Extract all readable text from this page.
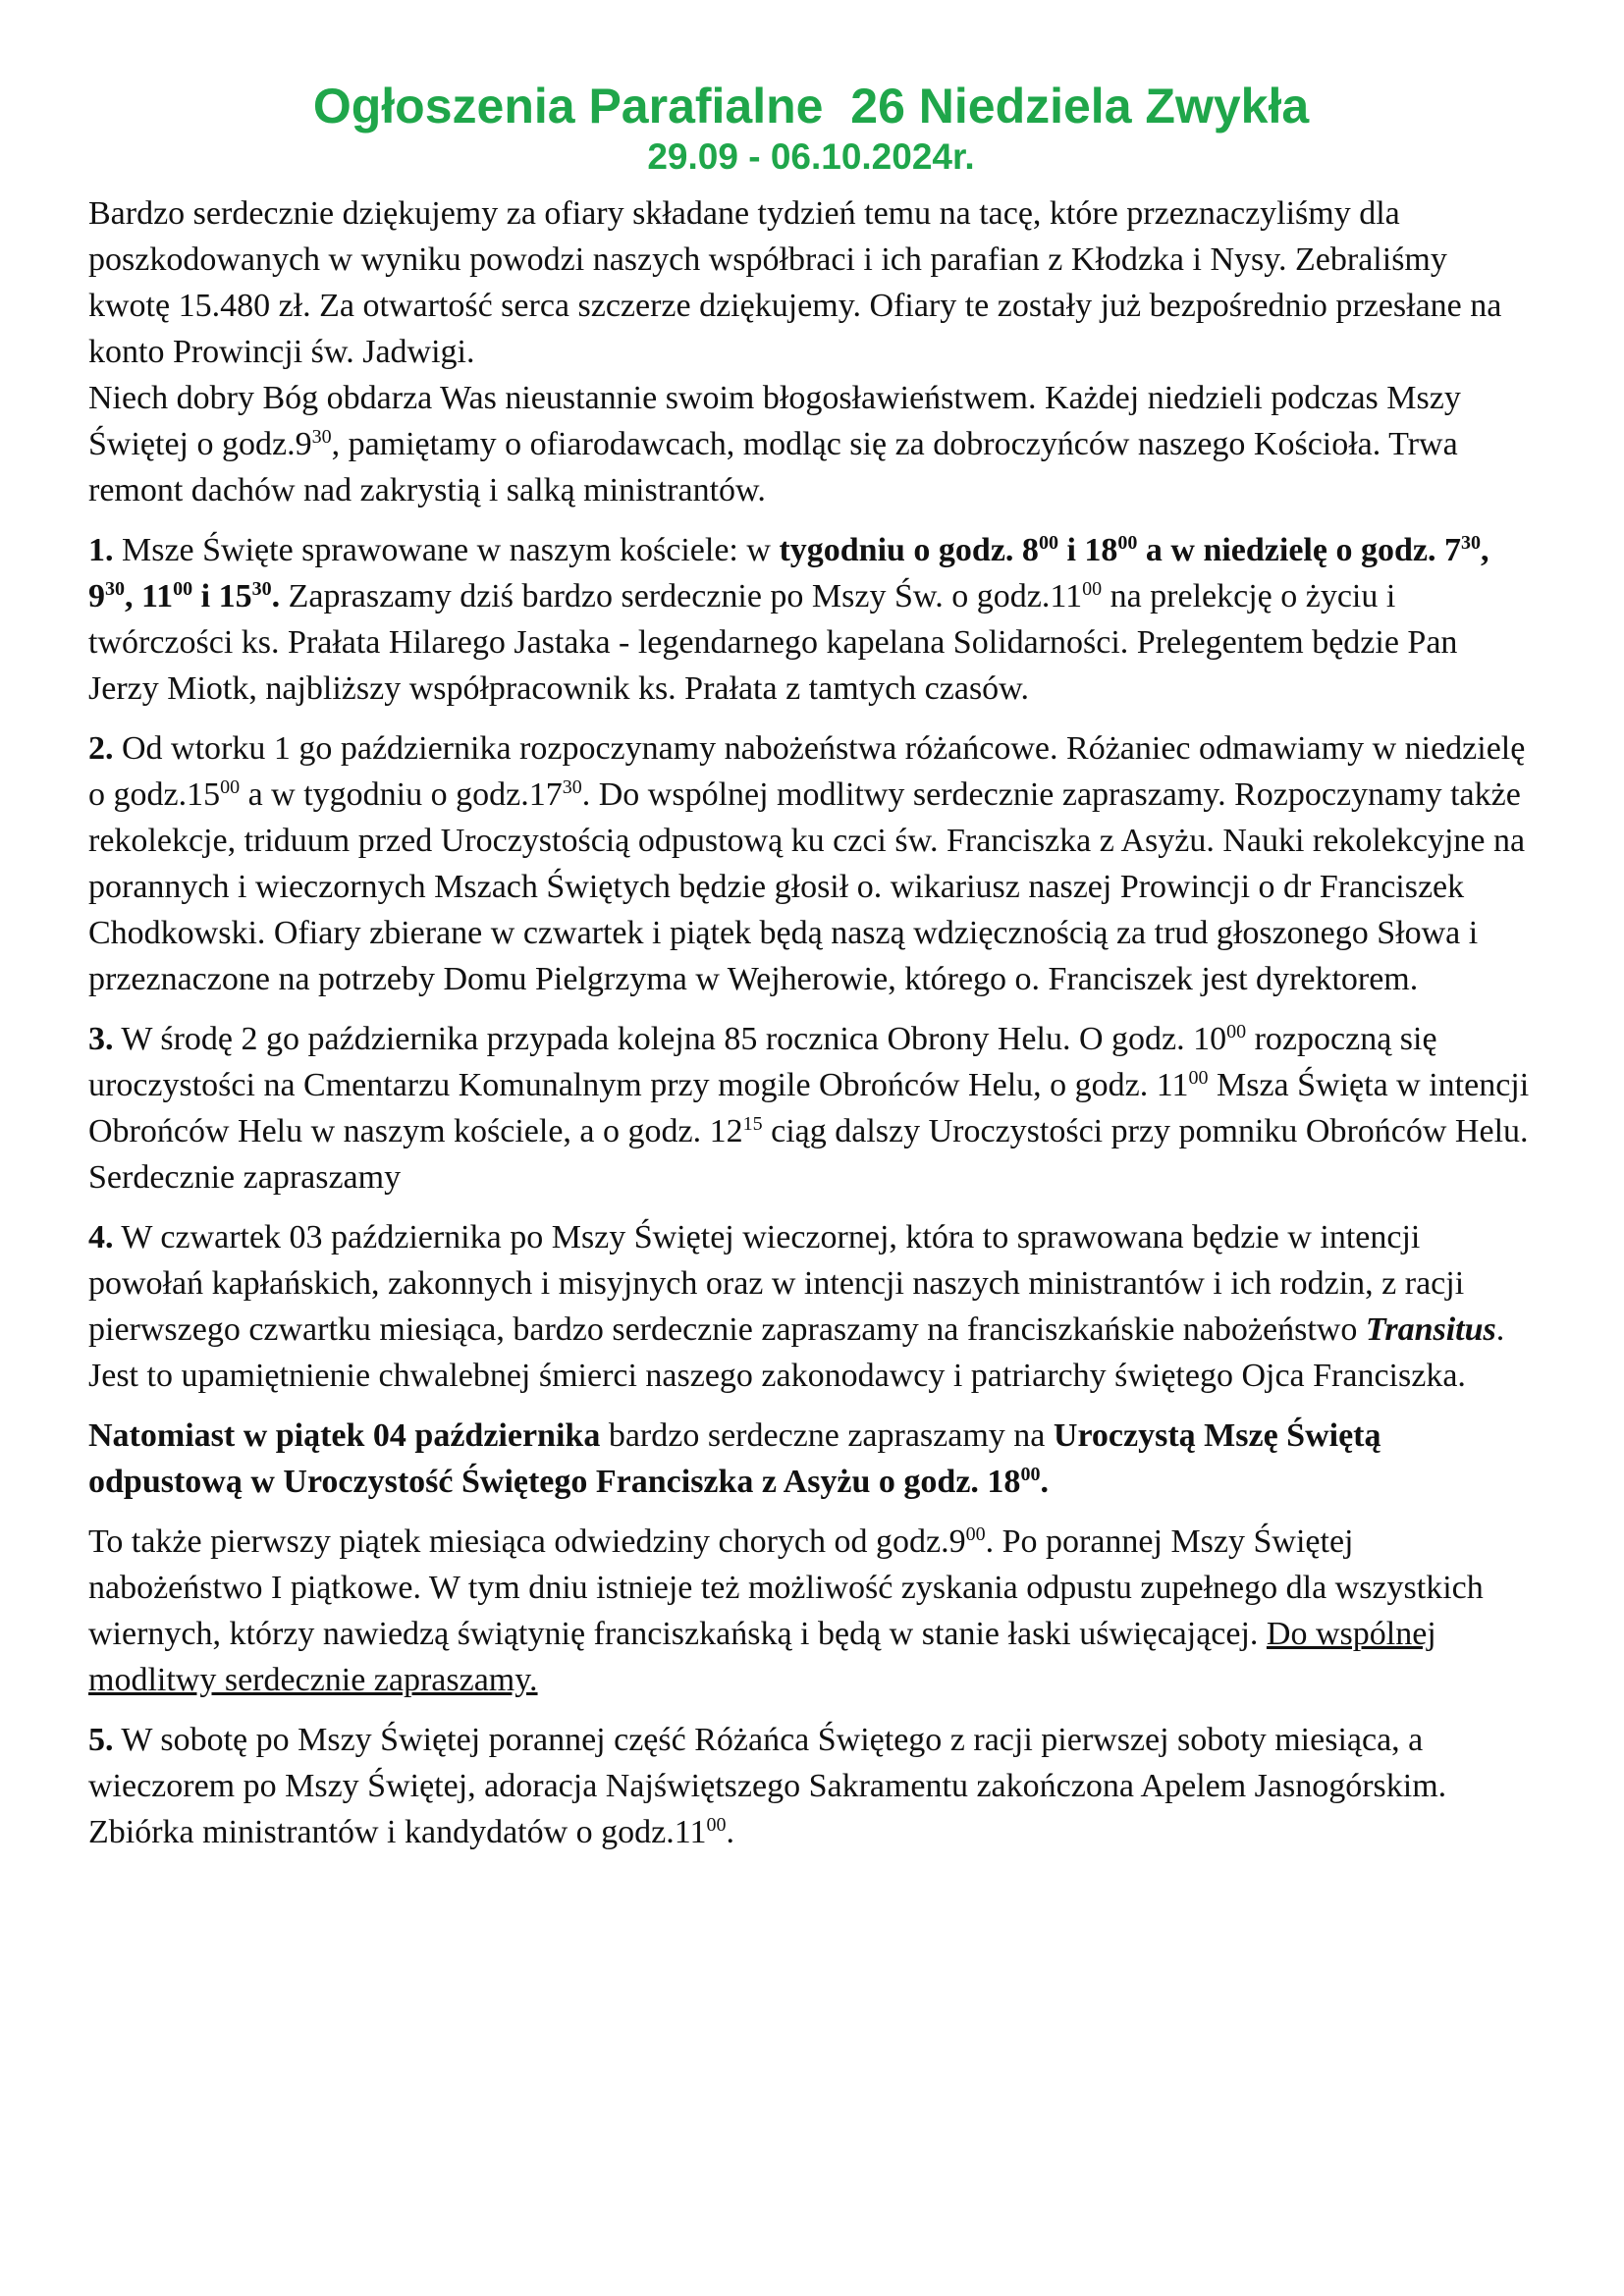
Ogłoszenia Parafialne  26 Niedziela Zwykła
29.09 - 06.10.2024r.

Bardzo serdecznie dziękujemy za ofiary składane tydzień temu na tacę, które przeznaczyliśmy dla poszkodowanych w wyniku powodzi naszych współbraci i ich parafian z Kłodzka i Nysy. Zebraliśmy kwotę 15.480 zł. Za otwartość serca szczerze dziękujemy. Ofiary te zostały już bezpośrednio przesłane na konto Prowincji św. Jadwigi.

Niech dobry Bóg obdarza Was nieustannie swoim błogosławieństwem. Każdej niedzieli podczas Mszy Świętej o $godz.9^{30}$, pamiętamy o ofiarodawcach, modląc się za dobroczyńców naszego Kościoła. Trwa remont dachów nad zakrystią i salką ministrantów.

1. Msze Święte sprawowane w naszym kościele: w tygodniu o godz. $8^{00}$ i $18^{00}$ a w niedzielę o godz. $7^{30}$, $9^{30}$, $11^{00}$ i $15^{30}$. Zapraszamy dziś bardzo serdecznie po Mszy Św. o $godz.11^{00}$ na prelekcję o życiu i twórczości ks. Prałata Hilarego Jastaka - legendarnego kapelana Solidarności. Prelegentem będzie Pan Jerzy Miotk, najbliższy współpracownik ks. Prałata z tamtych czasów.

2. Od wtorku 1 go października rozpoczynamy nabożeństwa różańcowe. Różaniec odmawiamy w niedzielę o $godz.15^{00}$ a w tygodniu o $godz.17^{30}$. Do wspólnej modlitwy serdecznie zapraszamy. Rozpoczynamy także rekolekcje, triduum przed Uroczystością odpustową ku czci św. Franciszka z Asyżu. Nauki rekolekcyjne na porannych i wieczornych Mszach Świętych będzie głosił o. wikariusz naszej Prowincji o dr Franciszek Chodkowski. Ofiary zbierane w czwartek i piątek będą naszą wdzięcznością za trud głoszonego Słowa i przeznaczone na potrzeby Domu Pielgrzyma w Wejherowie, którego o. Franciszek jest dyrektorem.

3. W środę 2 go października przypada kolejna 85 rocznica Obrony Helu. O godz. $10^{00}$ rozpoczną się uroczystości na Cmentarzu Komunalnym przy mogile Obrońców Helu, o godz. $11^{00}$ Msza Święta w intencji Obrońców Helu w naszym kościele, a o godz. $12^{15}$ ciąg dalszy Uroczystości przy pomniku Obrońców Helu. Serdecznie zapraszamy

4. W czwartek 03 października po Mszy Świętej wieczornej, która to sprawowana będzie w intencji powołań kapłańskich, zakonnych i misyjnych oraz w intencji naszych ministrantów i ich rodzin, z racji pierwszego czwartku miesiąca, bardzo serdecznie zapraszamy na franciszkańskie nabożeństwo Transitus. Jest to upamiętnienie chwalebnej śmierci naszego zakonodawcy i patriarchy świętego Ojca Franciszka.

Natomiast w piątek 04 października bardzo serdeczne zapraszamy na Uroczystą Mszę Świętą odpustową w Uroczystość Świętego Franciszka z Asyżu o godz. $18^{00}$.

To także pierwszy piątek miesiąca odwiedziny chorych od $godz.9^{00}$. Po porannej Mszy Świętej nabożeństwo I piątkowe. W tym dniu istnieje też możliwość zyskania odpustu zupełnego dla wszystkich wiernych, którzy nawiedzą świątynię franciszkańską i będą w stanie łaski uświęcającej. Do wspólnej modlitwy serdecznie zapraszamy.

5. W sobotę po Mszy Świętej porannej część Różańca Świętego z racji pierwszej soboty miesiąca, a wieczorem po Mszy Świętej, adoracja Najświętszego Sakramentu zakończona Apelem Jasnogórskim. Zbiórka ministrantów i kandydatów o $godz.11^{00}$.
